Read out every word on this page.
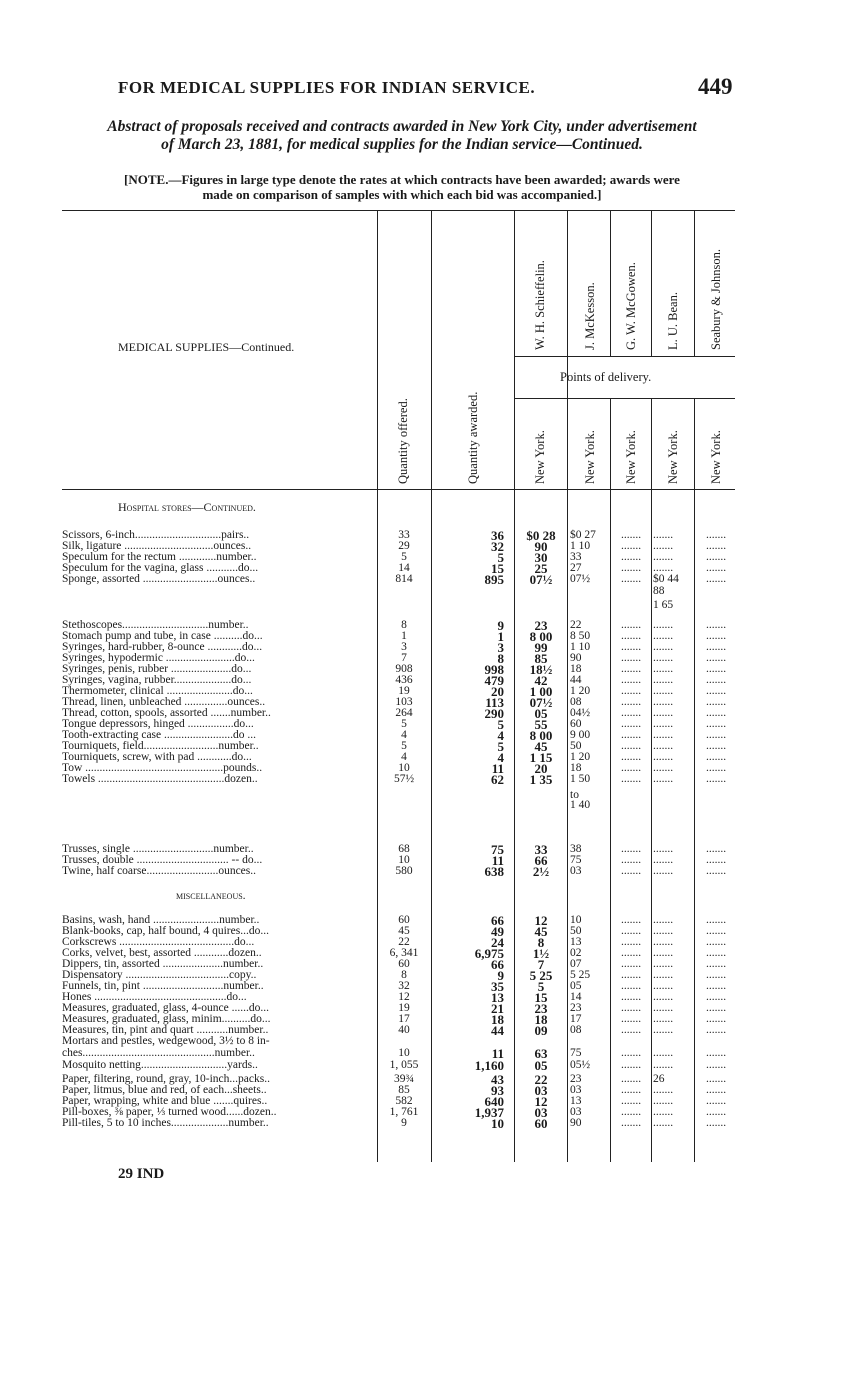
FOR MEDICAL SUPPLIES FOR INDIAN SERVICE.	449
Abstract of proposals received and contracts awarded in New York City, under advertisement
of March 23, 1881, for medical supplies for the Indian service—Continued.
[NOTE.—Figures in large type denote the rates at which contracts have been awarded; awards were
made on comparison of samples with which each bid was accompanied.]
MEDICAL SUPPLIES—Continued.
Quantity offered.	Quantity awarded.
W. H. Schieffelin.	J. McKesson. G. W. McGowen. L. U. Bean. Seabury & Johnson.
Points of delivery.
New York.	New York. New York. New York. New York.
Hospital stores—Continued.
miscellaneous.
Scissors, 6-inch..............................pairs..	33	36	$0 28	$0 27	.......	.......	.......
Silk, ligature ...............................ounces..	29	32	90	1 10	.......	.......	.......
Speculum for the rectum .............number..	5	5	30	33	.......	.......	.......
Speculum for the vagina, glass ...........do...	14	15	25	27	.......	.......	.......
Sponge, assorted ..........................ounces..	814	895	07½	07½	.......	$0 44	.......
88
1 65
Stethoscopes..............................number..	8	9	23	22	.......	.......	.......
Stomach pump and tube, in case ..........do...	1	1	8 00	8 50	.......	.......	.......
Syringes, hard-rubber, 8-ounce ............do...	3	3	99	1 10	.......	.......	.......
Syringes, hypodermic ........................do...	7	8	85	90	.......	.......	.......
Syringes, penis, rubber .....................do...	908	998	18½	18	.......	.......	.......
Syringes, vagina, rubber....................do...	436	479	42	44	.......	.......	.......
Thermometer, clinical .......................do...	19	20	1 00	1 20	.......	.......	.......
Thread, linen, unbleached ...............ounces..	103	113	07½	08	.......	.......	.......
Thread, cotton, spools, assorted .......number..	264	290	05	04½	.......	.......	.......
Tongue depressors, hinged ................do...	5	5	55	60	.......	.......	.......
Tooth-extracting case ........................do ...	4	4	8 00	9 00	.......	.......	.......
Tourniquets, field..........................number..	5	5	45	50	.......	.......	.......
Tourniquets, screw, with pad ............do...	4	4	1 15	1 20	.......	.......	.......
Tow ................................................pounds..	10	11	20	18	.......	.......	.......
Towels ............................................dozen..	57½	62	1 35	1 50	.......	.......	.......
to
1 40
Trusses, single ............................number..	68	75	33	38	.......	.......	.......
Trusses, double ................................ -- do...	10	11	66	75	.......	.......	.......
Twine, half coarse.........................ounces..	580	638	2½	03	.......	.......	.......
Basins, wash, hand .......................number..	60	66	12	10	.......	.......	.......
Blank-books, cap, half bound, 4 quires...do...	45	49	45	50	.......	.......	.......
Corkscrews ........................................do...	22	24	8	13	.......	.......	.......
Corks, velvet, best, assorted ............dozen..	6, 341	6,975	1½	02	.......	.......	.......
Dippers, tin, assorted .....................number..	60	66	7	07	.......	.......	.......
Dispensatory ....................................copy..	8	9	5 25	5 25	.......	.......	.......
Funnels, tin, pint ............................number..	32	35	5	05	.......	.......	.......
Hones ..............................................do...	12	13	15	14	.......	.......	.......
Measures, graduated, glass, 4-ounce ......do...	19	21	23	23	.......	.......	.......
Measures, graduated, glass, minim..........do...	17	18	18	17	.......	.......	.......
Measures, tin, pint and quart ...........number..	40	44	09	08	.......	.......	.......
Mortars and pestles, wedgewood, 3½ to 8 in-
ches..............................................number..	10	11	63	75	.......	.......	.......
Mosquito netting..............................yards..	1, 055	1,160	05	05½	.......	.......	.......
Paper, filtering, round, gray, 10-inch...packs..	39¾	43	22	23	.......	26	.......
Paper, litmus, blue and red, of each...sheets..	85	93	03	03	.......	.......	.......
Paper, wrapping, white and blue .......quires..	582	640	12	13	.......	.......	.......
Pill-boxes, ⅜ paper, ⅓ turned wood......dozen..	1, 761	1,937	03	03	.......	.......	.......
Pill-tiles, 5 to 10 inches....................number..	9	10	60	90	.......	.......	.......
29 IND
